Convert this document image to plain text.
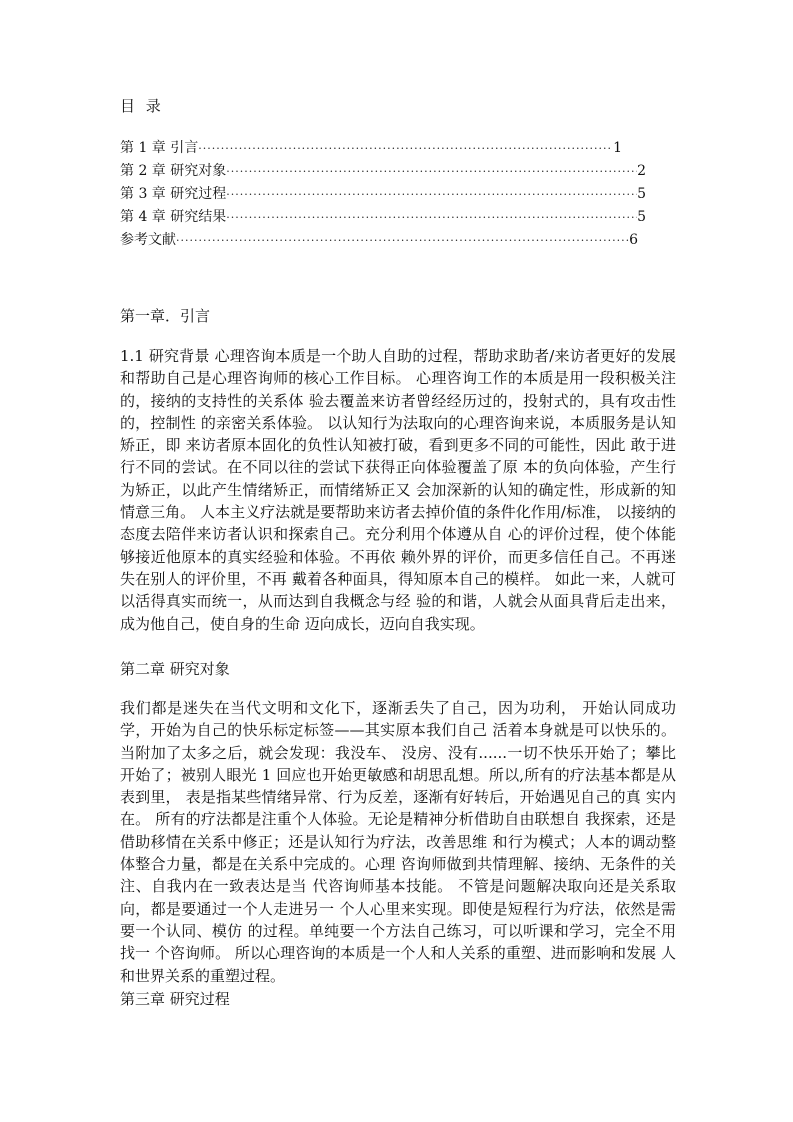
目 录
第 1 章 引言 ·····	1
第 2 章 研究对象 ·····	2
第 3 章 研究过程 ·····	5
第 4 章 研究结果 ·····	5
参考文献 ·····	6
第一章．引言
1.1 研究背景 心理咨询本质是一个助人自助的过程，帮助求助者/来访者更好的发展和帮助自己是心理咨询师的核心工作目标。 心理咨询工作的本质是用一段积极关注的，接纳的支持性的关系体 验去覆盖来访者曾经经历过的，投射式的，具有攻击性的，控制性 的亲密关系体验。 以认知行为法取向的心理咨询来说，本质服务是认知矫正，即 来访者原本固化的负性认知被打破，看到更多不同的可能性，因此 敢于进行不同的尝试。在不同以往的尝试下获得正向体验覆盖了原 本的负向体验，产生行为矫正，以此产生情绪矫正，而情绪矫正又 会加深新的认知的确定性，形成新的知情意三角。 人本主义疗法就是要帮助来访者去掉价值的条件化作用/标准， 以接纳的态度去陪伴来访者认识和探索自己。充分利用个体遵从自 心的评价过程，使个体能够接近他原本的真实经验和体验。不再依 赖外界的评价，而更多信任自己。不再迷失在别人的评价里，不再 戴着各种面具，得知原本自己的模样。 如此一来，人就可以活得真实而统一，从而达到自我概念与经 验的和谐，人就会从面具背后走出来，成为他自己，使自身的生命 迈向成长，迈向自我实现。
第二章 研究对象
我们都是迷失在当代文明和文化下，逐渐丢失了自己，因为功利， 开始认同成功学，开始为自己的快乐标定标签——其实原本我们自己 活着本身就是可以快乐的。当附加了太多之后，就会发现：我没车、 没房、没有......一切不快乐开始了；攀比开始了；被别人眼光 1 回应也开始更敏感和胡思乱想。所以,所有的疗法基本都是从表到里， 表是指某些情绪异常、行为反差，逐渐有好转后，开始遇见自己的真 实内在。 所有的疗法都是注重个人体验。无论是精神分析借助自由联想自 我探索，还是借助移情在关系中修正；还是认知行为疗法，改善思维 和行为模式；人本的调动整体整合力量，都是在关系中完成的。心理 咨询师做到共情理解、接纳、无条件的关注、自我内在一致表达是当 代咨询师基本技能。 不管是问题解决取向还是关系取向，都是要通过一个人走进另一 个人心里来实现。即使是短程行为疗法，依然是需要一个认同、模仿 的过程。单纯要一个方法自己练习，可以听课和学习，完全不用找一 个咨询师。 所以心理咨询的本质是一个人和人关系的重塑、进而影响和发展 人和世界关系的重塑过程。
第三章 研究过程
